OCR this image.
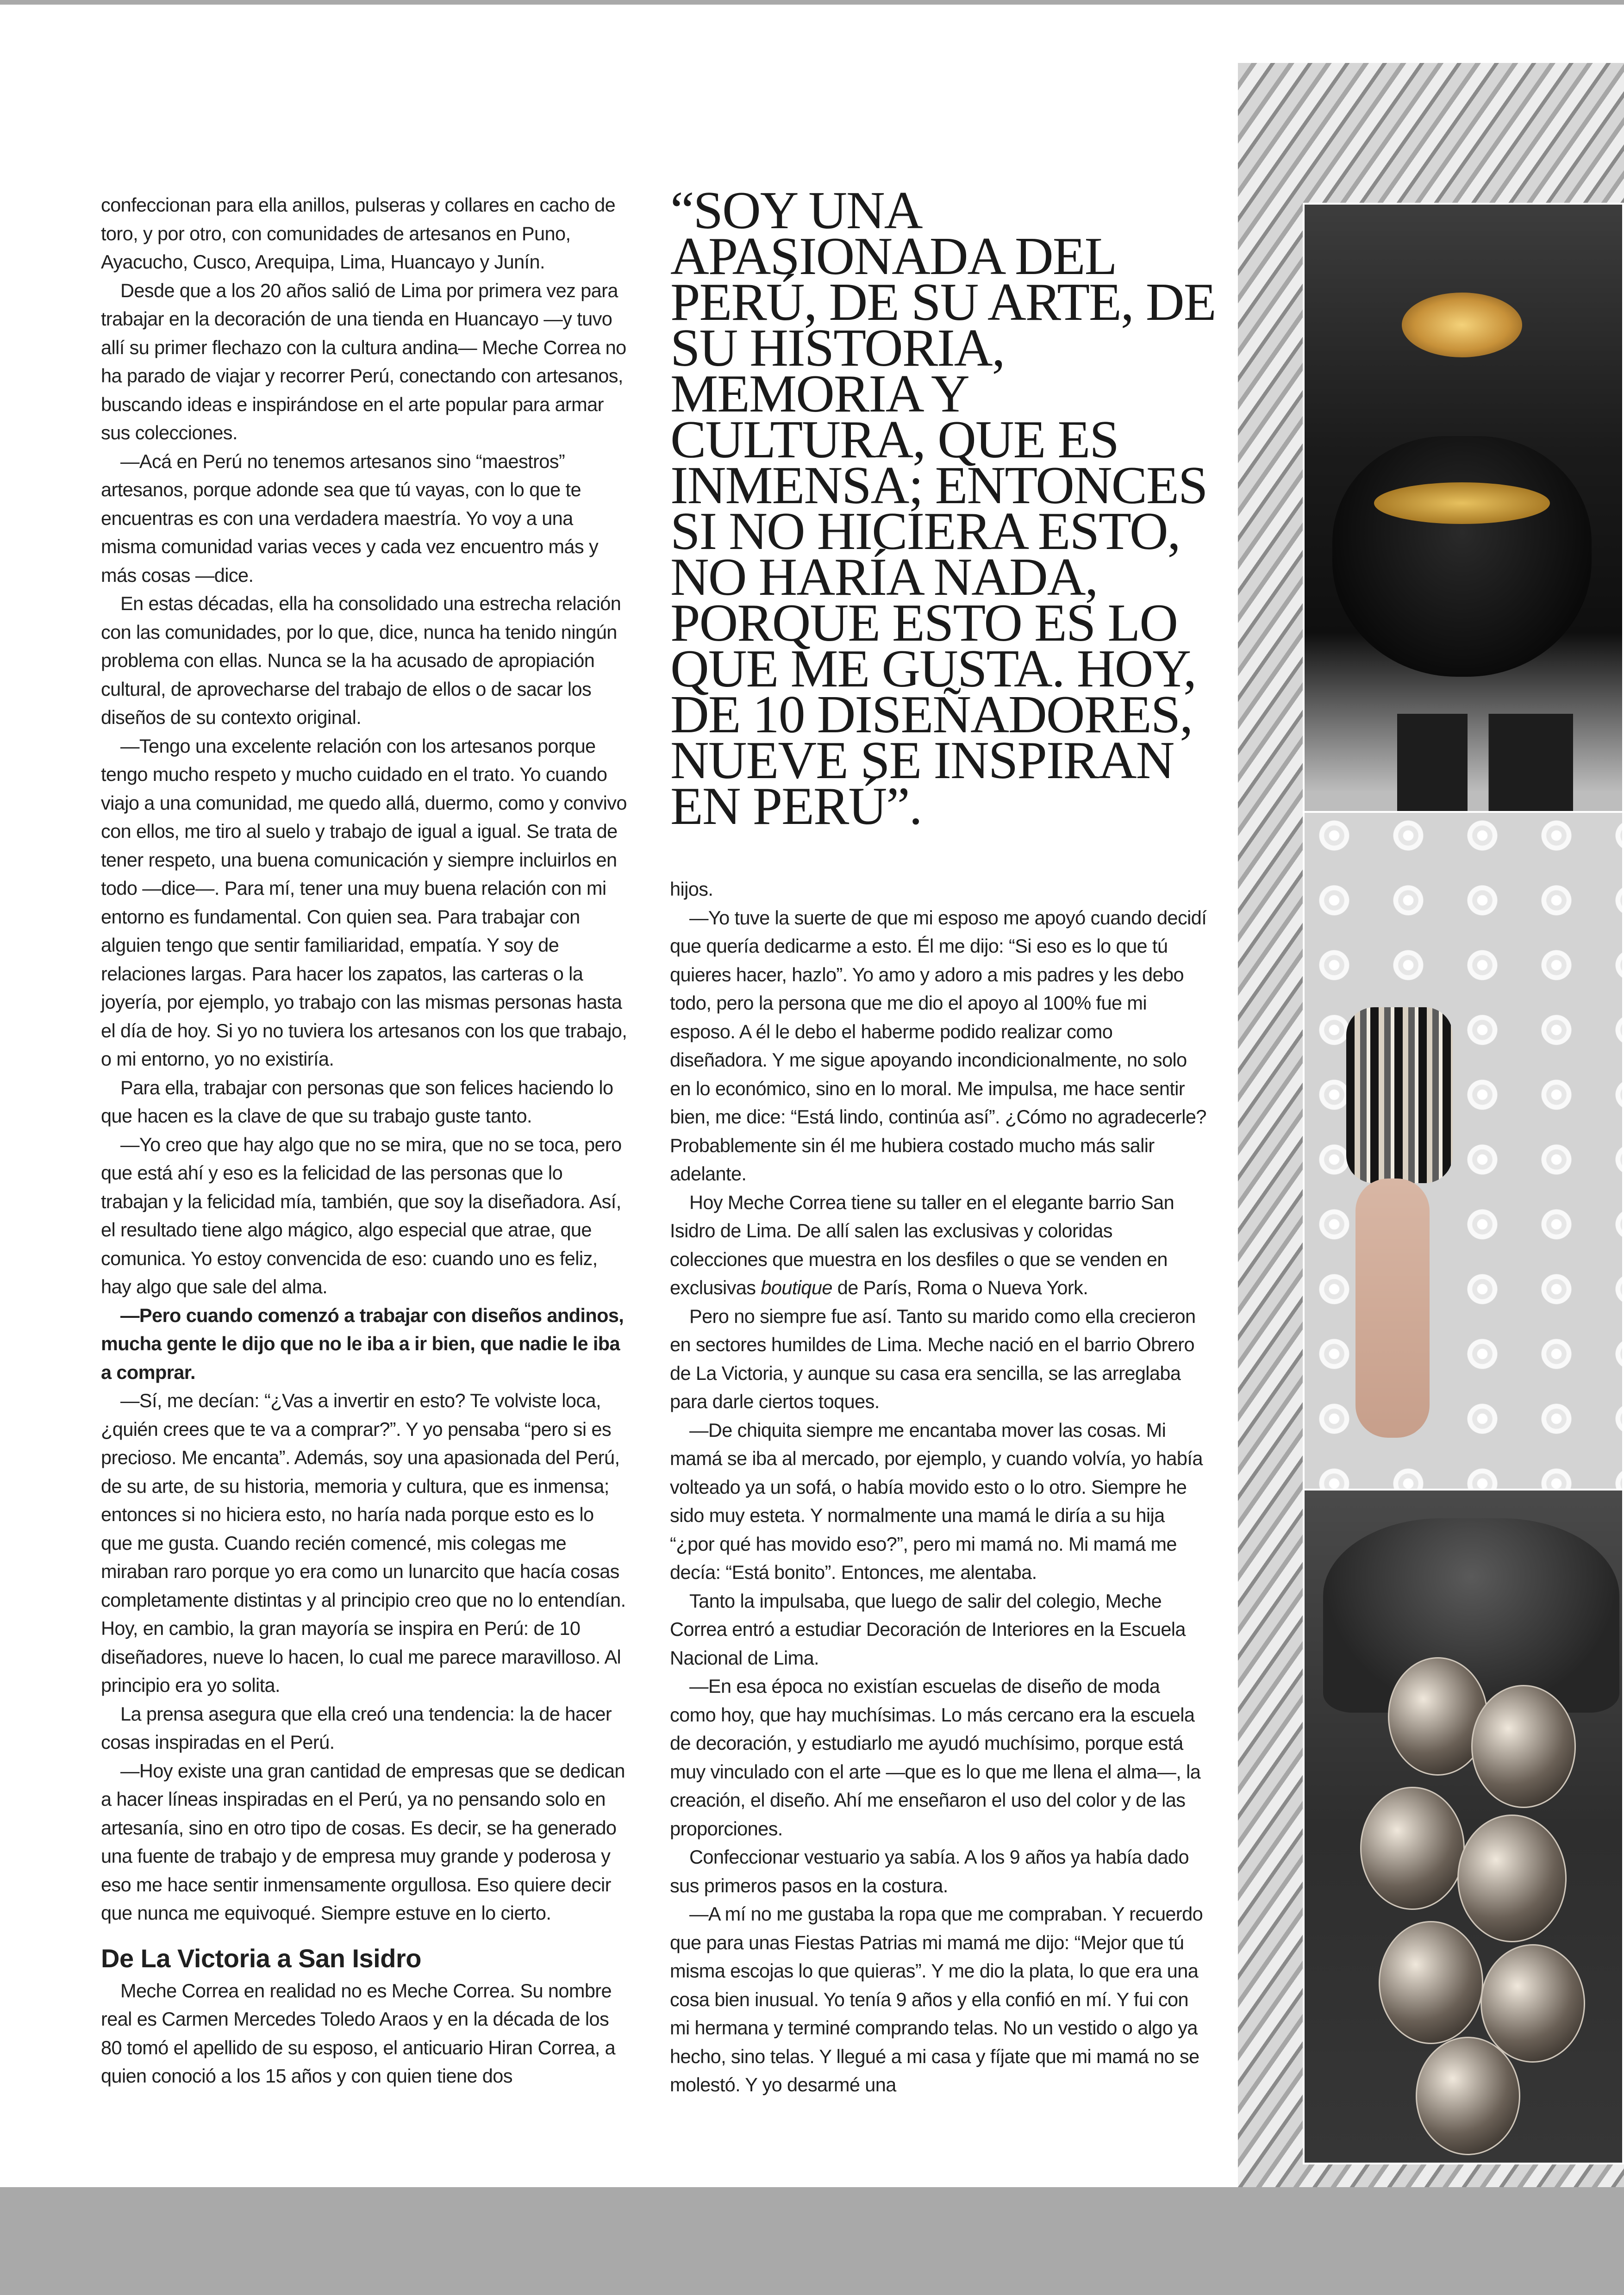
confeccionan para ella anillos, pulseras y collares en cacho de toro, y por otro, con comunidades de artesanos en Puno, Ayacucho, Cusco, Arequipa, Lima, Huancayo y Junín.

Desde que a los 20 años salió de Lima por primera vez para trabajar en la decoración de una tienda en Huancayo —y tuvo allí su primer flechazo con la cultura andina— Meche Correa no ha parado de viajar y recorrer Perú, conectando con artesanos, buscando ideas e inspirándose en el arte popular para armar sus colecciones.

—Acá en Perú no tenemos artesanos sino “maestros” artesanos, porque adonde sea que tú vayas, con lo que te encuentras es con una verdadera maestría. Yo voy a una misma comunidad varias veces y cada vez encuentro más y más cosas —dice.

En estas décadas, ella ha consolidado una estrecha relación con las comunidades, por lo que, dice, nunca ha tenido ningún problema con ellas. Nunca se la ha acusado de apropiación cultural, de aprovecharse del trabajo de ellos o de sacar los diseños de su contexto original.

—Tengo una excelente relación con los artesanos porque tengo mucho respeto y mucho cuidado en el trato. Yo cuando viajo a una comunidad, me quedo allá, duermo, como y convivo con ellos, me tiro al suelo y trabajo de igual a igual. Se trata de tener respeto, una buena comunicación y siempre incluirlos en todo —dice—. Para mí, tener una muy buena relación con mi entorno es fundamental. Con quien sea. Para trabajar con alguien tengo que sentir familiaridad, empatía. Y soy de relaciones largas. Para hacer los zapatos, las carteras o la joyería, por ejemplo, yo trabajo con las mismas personas hasta el día de hoy. Si yo no tuviera los artesanos con los que trabajo, o mi entorno, yo no existiría.

Para ella, trabajar con personas que son felices haciendo lo que hacen es la clave de que su trabajo guste tanto.

—Yo creo que hay algo que no se mira, que no se toca, pero que está ahí y eso es la felicidad de las personas que lo trabajan y la felicidad mía, también, que soy la diseñadora. Así, el resultado tiene algo mágico, algo especial que atrae, que comunica. Yo estoy convencida de eso: cuando uno es feliz, hay algo que sale del alma.

—Pero cuando comenzó a trabajar con diseños andinos, mucha gente le dijo que no le iba a ir bien, que nadie le iba a comprar.

—Sí, me decían: “¿Vas a invertir en esto? Te volviste loca, ¿quién crees que te va a comprar?”. Y yo pensaba “pero si es precioso. Me encanta”. Además, soy una apasionada del Perú, de su arte, de su historia, memoria y cultura, que es inmensa; entonces si no hiciera esto, no haría nada porque esto es lo que me gusta. Cuando recién comencé, mis colegas me miraban raro porque yo era como un lunarcito que hacía cosas completamente distintas y al principio creo que no lo entendían. Hoy, en cambio, la gran mayoría se inspira en Perú: de 10 diseñadores, nueve lo hacen, lo cual me parece maravilloso. Al principio era yo solita.

La prensa asegura que ella creó una tendencia: la de hacer cosas inspiradas en el Perú.

—Hoy existe una gran cantidad de empresas que se dedican a hacer líneas inspiradas en el Perú, ya no pensando solo en artesanía, sino en otro tipo de cosas. Es decir, se ha generado una fuente de trabajo y de empresa muy grande y poderosa y eso me hace sentir inmensamente orgullosa. Eso quiere decir que nunca me equivoqué. Siempre estuve en lo cierto.

De La Victoria a San Isidro

Meche Correa en realidad no es Meche Correa. Su nombre real es Carmen Mercedes Toledo Araos y en la década de los 80 tomó el apellido de su esposo, el anticuario Hiran Correa, a quien conoció a los 15 años y con quien tiene dos

“SOY UNA APASIONADA DEL PERÚ, DE SU ARTE, DE SU HISTORIA, MEMORIA Y CULTURA, QUE ES INMENSA; ENTONCES SI NO HICIERA ESTO, NO HARÍA NADA, PORQUE ESTO ES LO QUE ME GUSTA. HOY, DE 10 DISEÑADORES, NUEVE SE INSPIRAN EN PERÚ”.

hijos.

—Yo tuve la suerte de que mi esposo me apoyó cuando decidí que quería dedicarme a esto. Él me dijo: “Si eso es lo que tú quieres hacer, hazlo”. Yo amo y adoro a mis padres y les debo todo, pero la persona que me dio el apoyo al 100% fue mi esposo. A él le debo el haberme podido realizar como diseñadora. Y me sigue apoyando incondicionalmente, no solo en lo económico, sino en lo moral. Me impulsa, me hace sentir bien, me dice: “Está lindo, continúa así”. ¿Cómo no agradecerle? Probablemente sin él me hubiera costado mucho más salir adelante.

Hoy Meche Correa tiene su taller en el elegante barrio San Isidro de Lima. De allí salen las exclusivas y coloridas colecciones que muestra en los desfiles o que se venden en exclusivas boutique de París, Roma o Nueva York.

Pero no siempre fue así. Tanto su marido como ella crecieron en sectores humildes de Lima. Meche nació en el barrio Obrero de La Victoria, y aunque su casa era sencilla, se las arreglaba para darle ciertos toques.

—De chiquita siempre me encantaba mover las cosas. Mi mamá se iba al mercado, por ejemplo, y cuando volvía, yo había volteado ya un sofá, o había movido esto o lo otro. Siempre he sido muy esteta. Y normalmente una mamá le diría a su hija “¿por qué has movido eso?”, pero mi mamá no. Mi mamá me decía: “Está bonito”. Entonces, me alentaba.

Tanto la impulsaba, que luego de salir del colegio, Meche Correa entró a estudiar Decoración de Interiores en la Escuela Nacional de Lima.

—En esa época no existían escuelas de diseño de moda como hoy, que hay muchísimas. Lo más cercano era la escuela de decoración, y estudiarlo me ayudó muchísimo, porque está muy vinculado con el arte —que es lo que me llena el alma—, la creación, el diseño. Ahí me enseñaron el uso del color y de las proporciones.

Confeccionar vestuario ya sabía. A los 9 años ya había dado sus primeros pasos en la costura.

—A mí no me gustaba la ropa que me compraban. Y recuerdo que para unas Fiestas Patrias mi mamá me dijo: “Mejor que tú misma escojas lo que quieras”. Y me dio la plata, lo que era una cosa bien inusual. Yo tenía 9 años y ella confió en mí. Y fui con mi hermana y terminé comprando telas. No un vestido o algo ya hecho, sino telas. Y llegué a mi casa y fíjate que mi mamá no se molestó. Y yo desarmé una
